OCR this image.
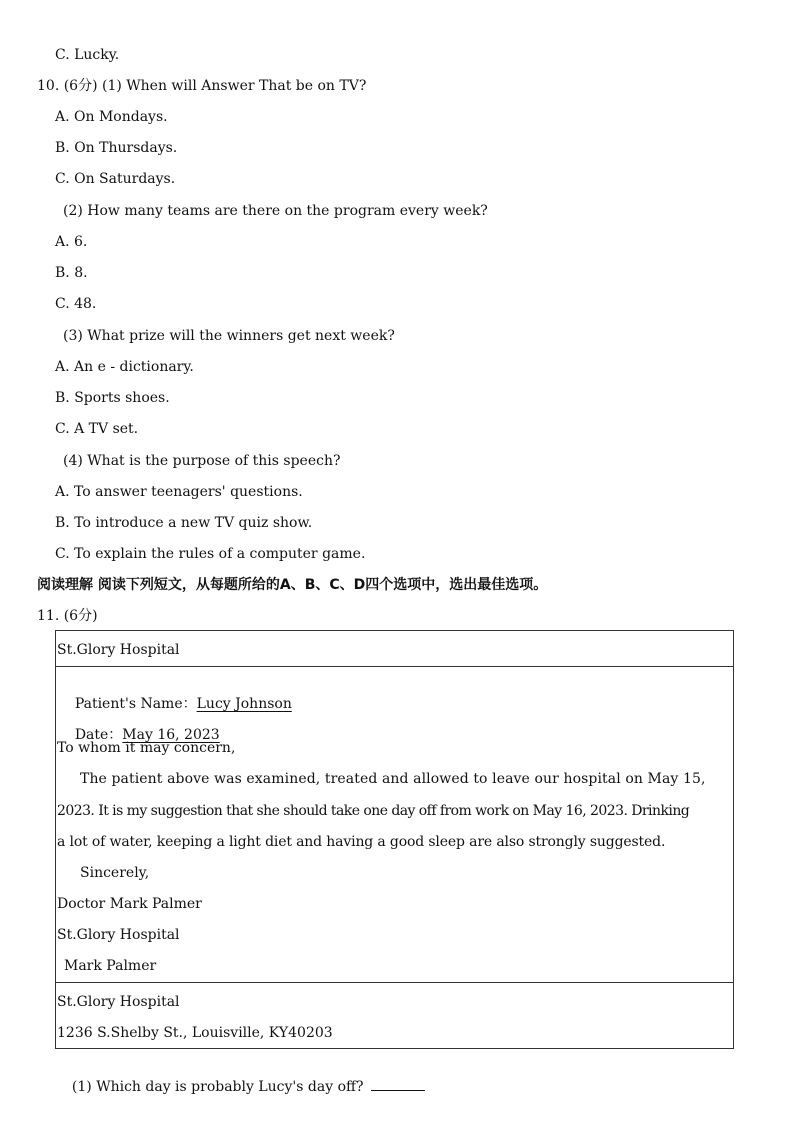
C. Lucky.
10. (6分) (1) When will Answer That be on TV?
A. On Mondays.
B. On Thursdays.
C. On Saturdays.
(2) How many teams are there on the program every week?
A. 6.
B. 8.
C. 48.
(3) What prize will the winners get next week?
A. An e - dictionary.
B. Sports shoes.
C. A TV set.
(4) What is the purpose of this speech?
A. To answer teenagers' questions.
B. To introduce a new TV quiz show.
C. To explain the rules of a computer game.
阅读理解 阅读下列短文，从每题所给的A、B、C、D四个选项中，选出最佳选项。
11. (6分)
St.Glory Hospital

Patient's Name：Lucy Johnson

Date：May 16, 2023

To whom it may concern,
The patient above was examined, treated and allowed to leave our hospital on May 15,
2023. It is my suggestion that she should take one day off from work on May 16, 2023. Drinking
a lot of water, keeping a light diet and having a good sleep are also strongly suggested.
Sincerely,
Doctor Mark Palmer
St.Glory Hospital
Mark Palmer
St.Glory Hospital
1236 S.Shelby St., Louisville, KY40203

(1) Which day is probably Lucy's day off?
